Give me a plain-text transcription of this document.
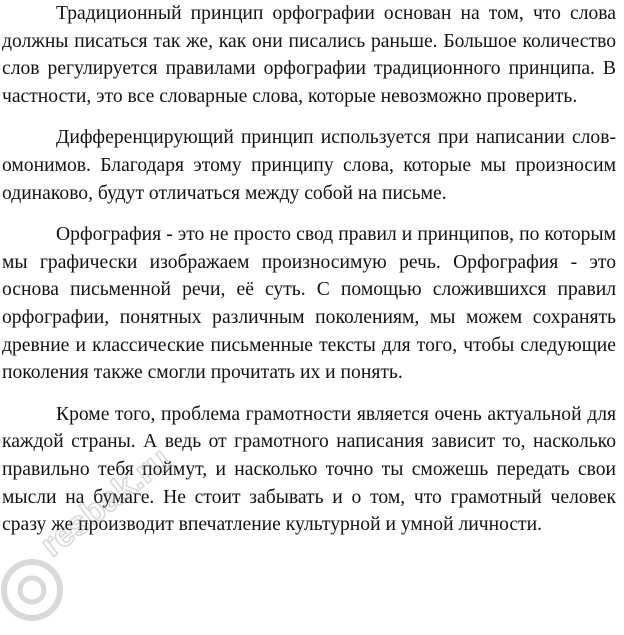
Традиционный принцип орфографии основан на том, что слова должны писаться так же, как они писались раньше. Большое количество слов регулируется правилами орфографии традиционного принципа. В частности, это все словарные слова, которые невозможно проверить.

Дифференцирующий принцип используется при написании слов-омонимов. Благодаря этому принципу слова, которые мы произносим одинаково, будут отличаться между собой на письме.

Орфография - это не просто свод правил и принципов, по которым мы графически изображаем произносимую речь. Орфография - это основа письменной речи, её суть. С помощью сложившихся правил орфографии, понятных различным поколениям, мы можем сохранять древние и классические письменные тексты для того, чтобы следующие поколения также смогли прочитать их и понять.

Кроме того, проблема грамотности является очень актуальной для каждой страны. А ведь от грамотного написания зависит то, насколько правильно тебя поймут, и насколько точно ты сможешь передать свои мысли на бумаге. Не стоит забывать и о том, что грамотный человек сразу же производит впечатление культурной и умной личности.

resbak.ru
